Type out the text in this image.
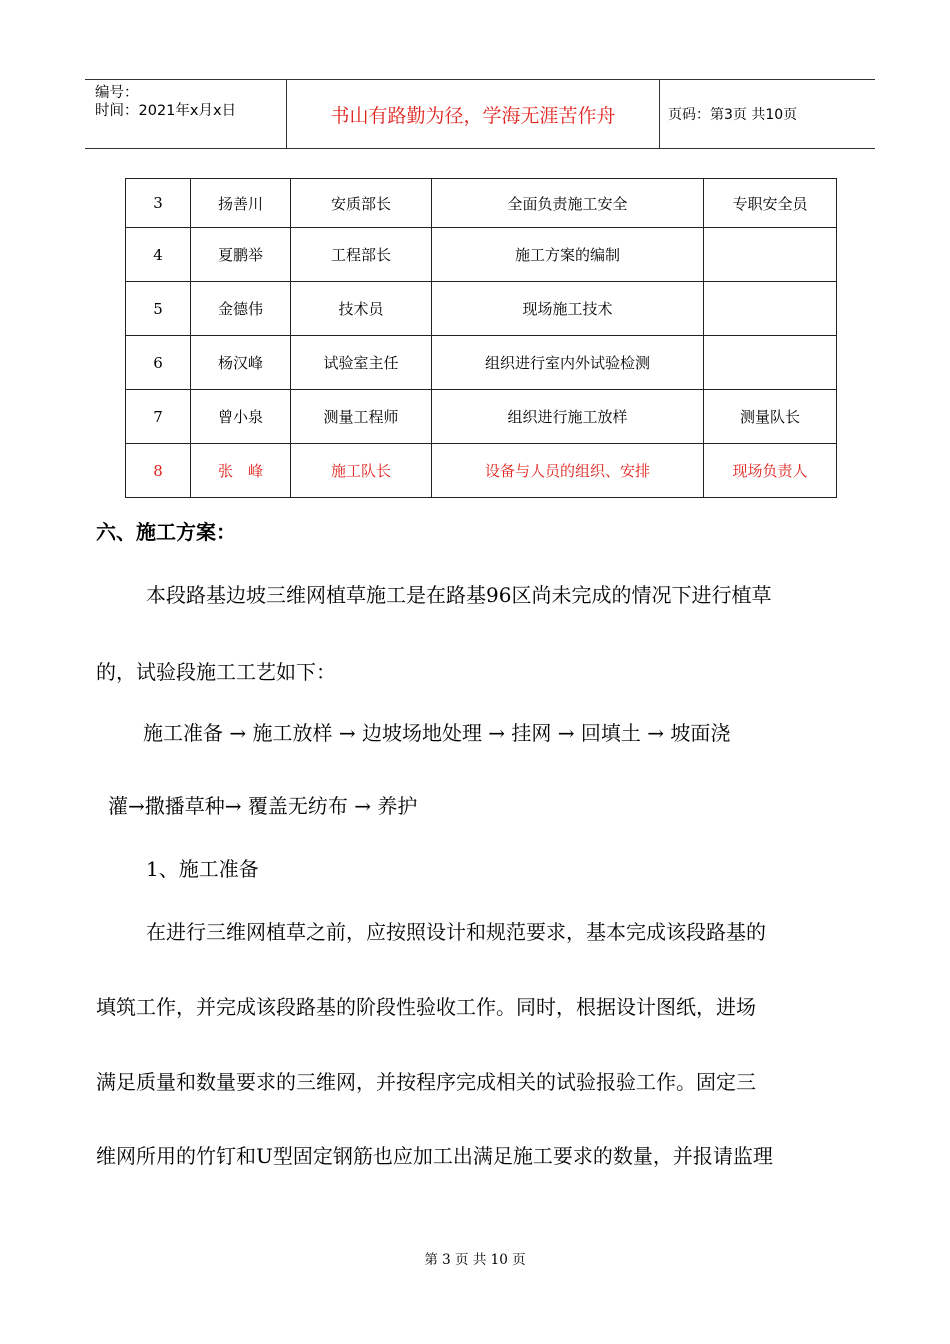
编号：
时间：2021年x月x日	书山有路勤为径，学海无涯苦作舟	页码：第3页 共10页
3	扬善川	安质部长	全面负责施工安全	专职安全员
4	夏鹏举	工程部长	施工方案的编制	
5	金德伟	技术员	现场施工技术	
6	杨汉峰	试验室主任	组织进行室内外试验检测	
7	曾小泉	测量工程师	组织进行施工放样	测量队长
8	张　峰	施工队长	设备与人员的组织、安排	现场负责人
六、施工方案：
本段路基边坡三维网植草施工是在路基96区尚未完成的情况下进行植草
的，试验段施工工艺如下：
施工准备 → 施工放样 → 边坡场地处理 → 挂网 → 回填土 → 坡面浇
灌→撒播草种→ 覆盖无纺布 → 养护
1、施工准备
在进行三维网植草之前，应按照设计和规范要求，基本完成该段路基的
填筑工作，并完成该段路基的阶段性验收工作。同时，根据设计图纸，进场
满足质量和数量要求的三维网，并按程序完成相关的试验报验工作。固定三
维网所用的竹钉和U型固定钢筋也应加工出满足施工要求的数量，并报请监理
第 3 页 共 10 页
